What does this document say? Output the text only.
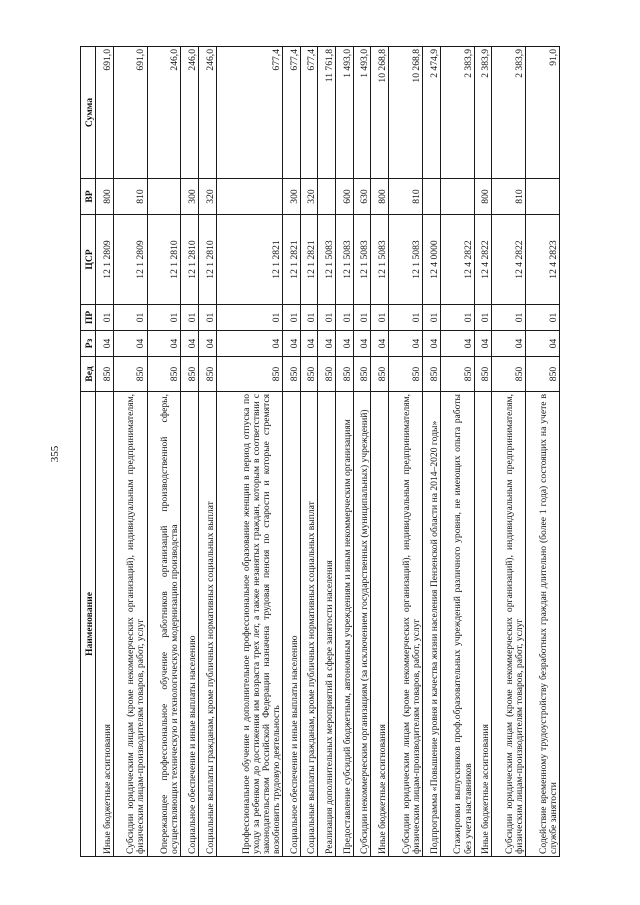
355
Наименование	Вед	Рз	ПР	ЦСР	ВР	Сумма
Иные бюджетные ассигнования	850	04	01	12 1 2809	800	691,0
Субсидии юридическим лицам (кроме некоммерческих организаций), индивидуальным предпринимателям, физическим лицам-производителям товаров, работ, услуг	850	04	01	12 1 2809	810	691,0
Опережающее профессиональное обучение работников организаций производственной сферы, осуществляющих техническую и технологическую модернизацию производства	850	04	01	12 1 2810		246,0
Социальное обеспечение и иные выплаты населению	850	04	01	12 1 2810	300	246,0
Социальные выплаты гражданам, кроме публичных нормативных социальных выплат	850	04	01	12 1 2810	320	246,0
Профессиональное обучение и дополнительное профессиональное образование женщин в период отпуска по уходу за ребенком до достижения им возраста трех лет, а также незанятых граждан, которым в соответствии с законодательством Российской Федерации назначена трудовая пенсия по старости и которые стремятся возобновить трудовую деятельность	850	04	01	12 1 2821		677,4
Социальное обеспечение и иные выплаты населению	850	04	01	12 1 2821	300	677,4
Социальные выплаты гражданам, кроме публичных нормативных социальных выплат	850	04	01	12 1 2821	320	677,4
Реализация дополнительных мероприятий в сфере занятости населения	850	04	01	12 1 5083		11 761,8
Предоставление субсидий бюджетным, автономным учреждениям и иным некоммерческим организациям	850	04	01	12 1 5083	600	1 493,0
Субсидии некоммерческим организациям (за исключением государственных (муниципальных) учреждений)	850	04	01	12 1 5083	630	1 493,0
Иные бюджетные ассигнования	850	04	01	12 1 5083	800	10 268,8
Субсидии юридическим лицам (кроме некоммерческих организаций), индивидуальным предпринимателям, физическим лицам-производителям товаров, работ, услуг	850	04	01	12 1 5083	810	10 268,8
Подпрограмма «Повышение уровня и качества жизни населения Пензенской области на 2014–2020 годы»	850	04	01	12 4 0000		2 474,9
Стажировки выпускников проф.образовательных учреждений различного уровня, не имеющих опыта работы без учета наставников	850	04	01	12 4 2822		2 383,9
Иные бюджетные ассигнования	850	04	01	12 4 2822	800	2 383,9
Субсидии юридическим лицам (кроме некоммерческих организаций), индивидуальным предпринимателям, физическим лицам-производителям товаров, работ, услуг	850	04	01	12 4 2822	810	2 383,9
Содействие временному трудоустройству безработных граждан длительно (более 1 года) состоящих на учете в службе занятости	850	04	01	12 4 2823		91,0
